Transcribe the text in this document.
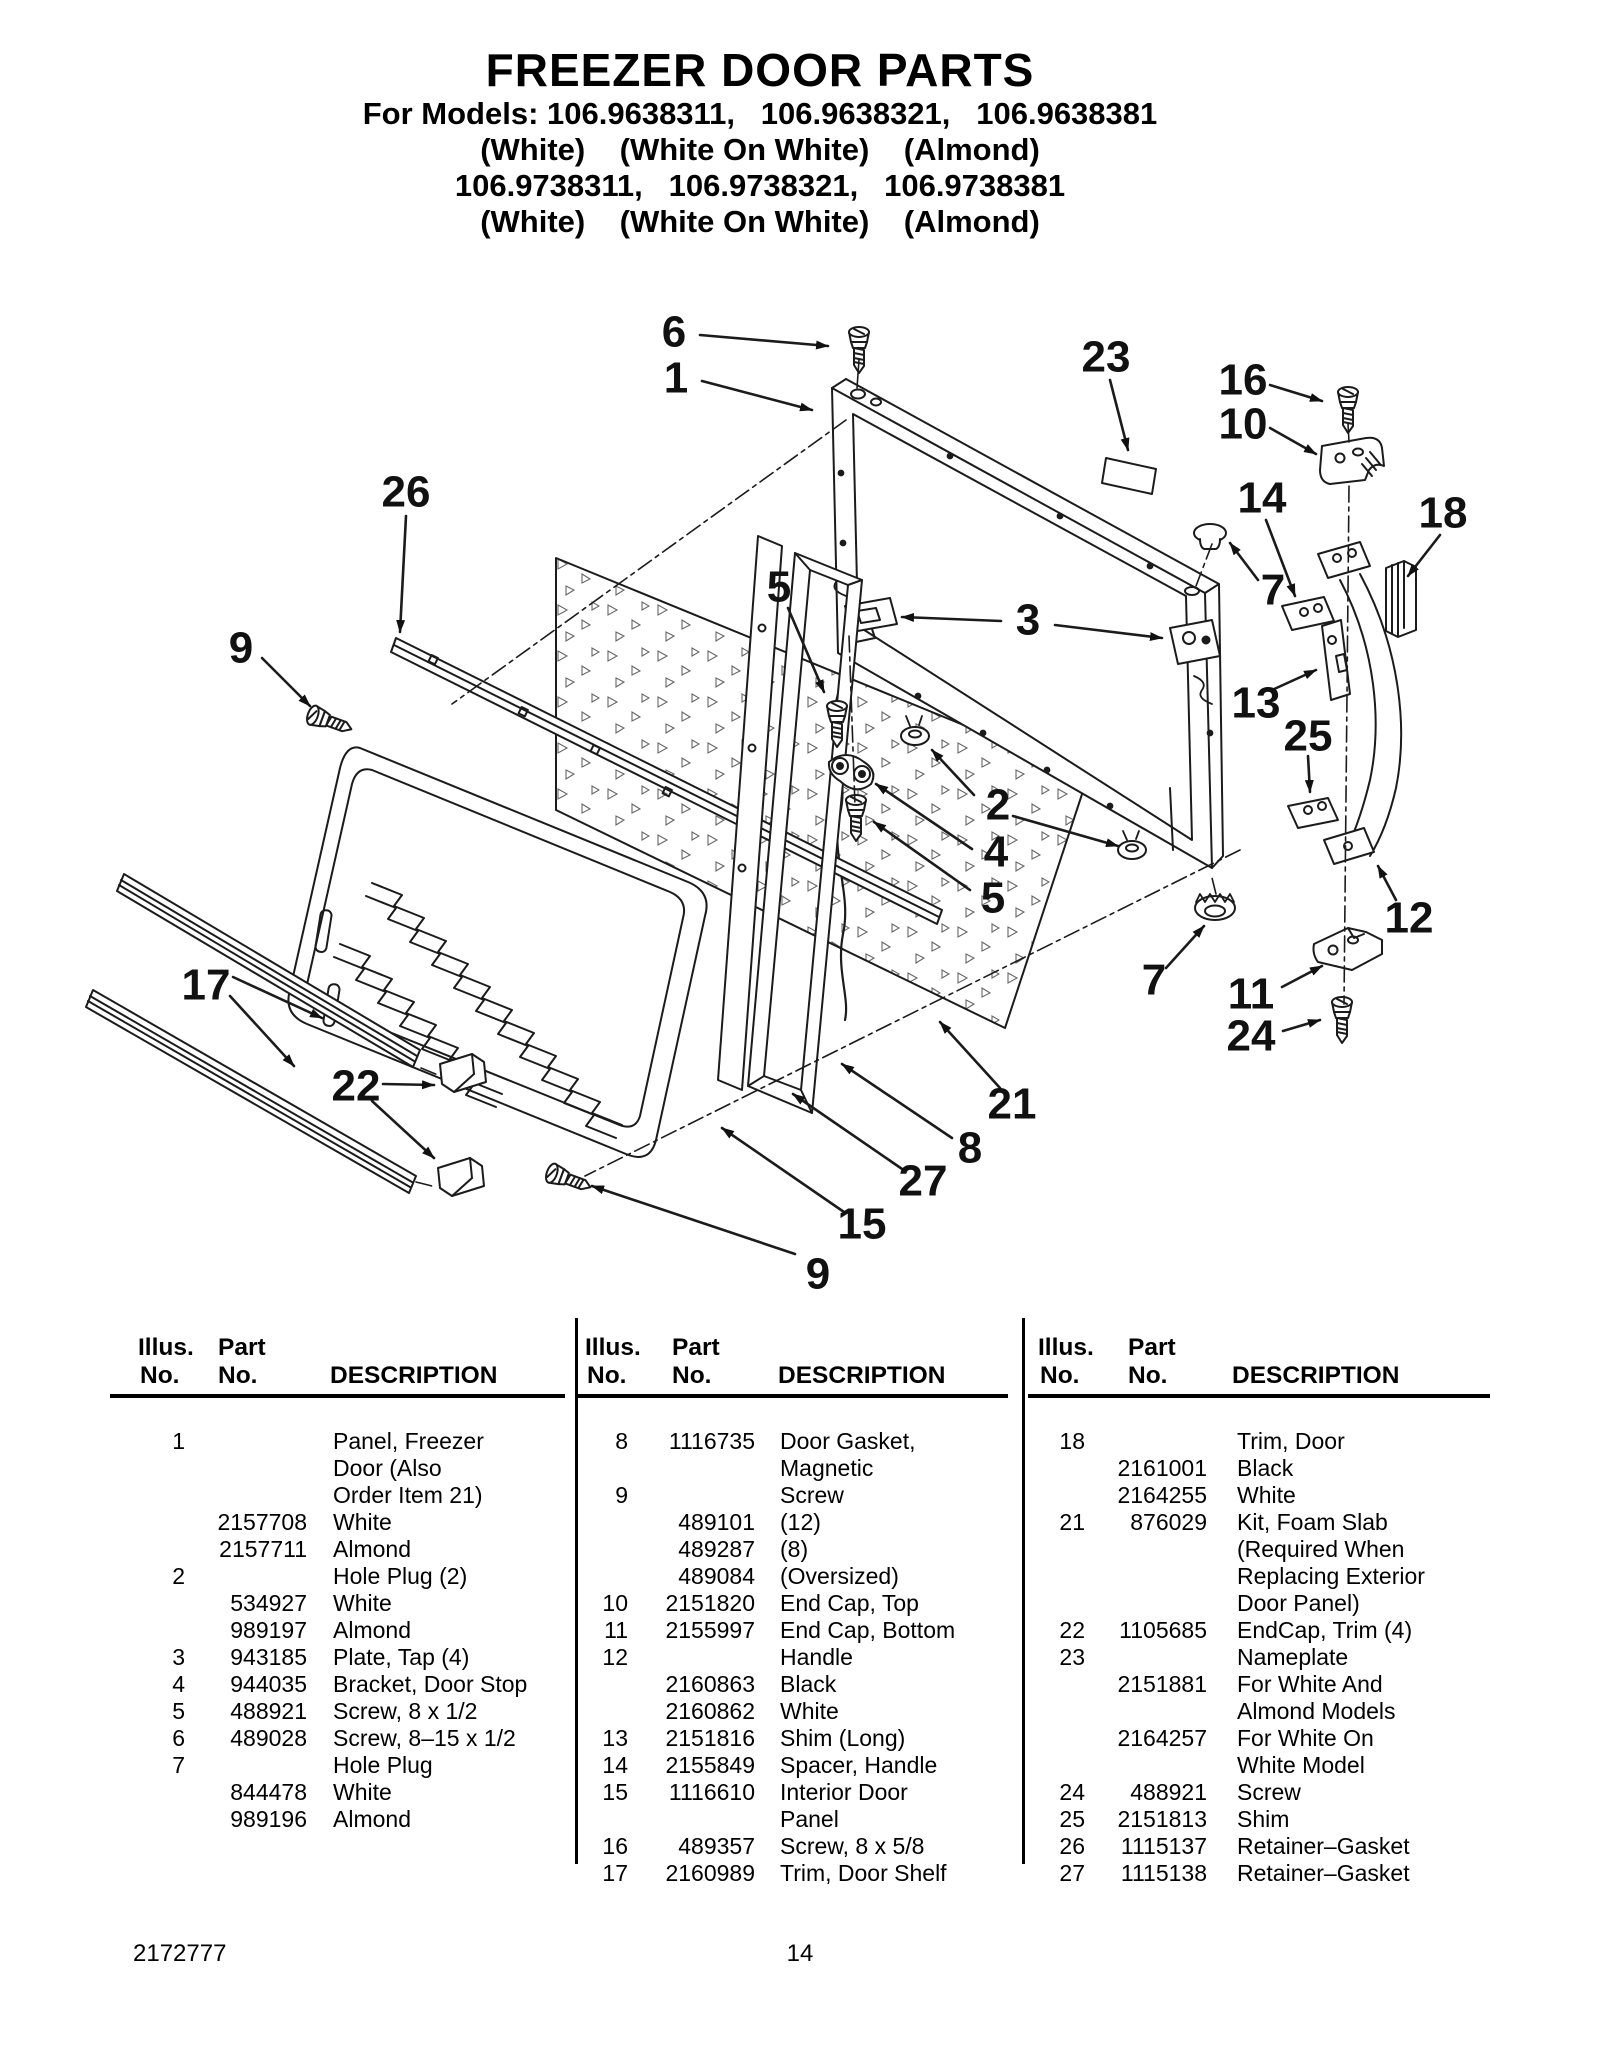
FREEZER DOOR PARTS
For Models: 106.9638311,   106.9638321,   106.9638381
(White)    (White On White)    (Almond)
106.9738311,   106.9738321,   106.9738381
(White)    (White On White)    (Almond)
6
1	23 16
10
26	14	18
7
5
3
13
9
25
2
4
5	12
7 11
24
17
22	21
8
27
15
9
Illus. Part
No. No.	DESCRIPTION
1	Panel, Freezer
Door (Also
Order Item 21)
2157708	White
2157711	Almond
2	Hole Plug (2)
534927	White
989197	Almond
3	943185	Plate, Tap (4)
4	944035	Bracket, Door Stop
5	488921	Screw, 8 x 1/2
6	489028	Screw, 8–15 x 1/2
7	Hole Plug
844478	White
989196	Almond
Illus. Part
No. No.	DESCRIPTION
8	1116735	Door Gasket,
Magnetic
9	Screw
489101	(12)
489287	(8)
489084	(Oversized)
10	2151820	End Cap, Top
11	2155997	End Cap, Bottom
12	Handle
2160863	Black
2160862	White
13	2151816	Shim (Long)
14	2155849	Spacer, Handle
15	1116610	Interior Door
Panel
16	489357	Screw, 8 x 5/8
17	2160989	Trim, Door Shelf
Illus. Part
No. No.	DESCRIPTION
18	Trim, Door
2161001	Black
2164255	White
21	876029	Kit, Foam Slab
(Required When
Replacing Exterior
Door Panel)
22	1105685	EndCap, Trim (4)
23	Nameplate
2151881	For White And
Almond Models
2164257	For White On
White Model
24	488921	Screw
25	2151813	Shim
26	1115137	Retainer–Gasket
27	1115138	Retainer–Gasket
14
2172777
